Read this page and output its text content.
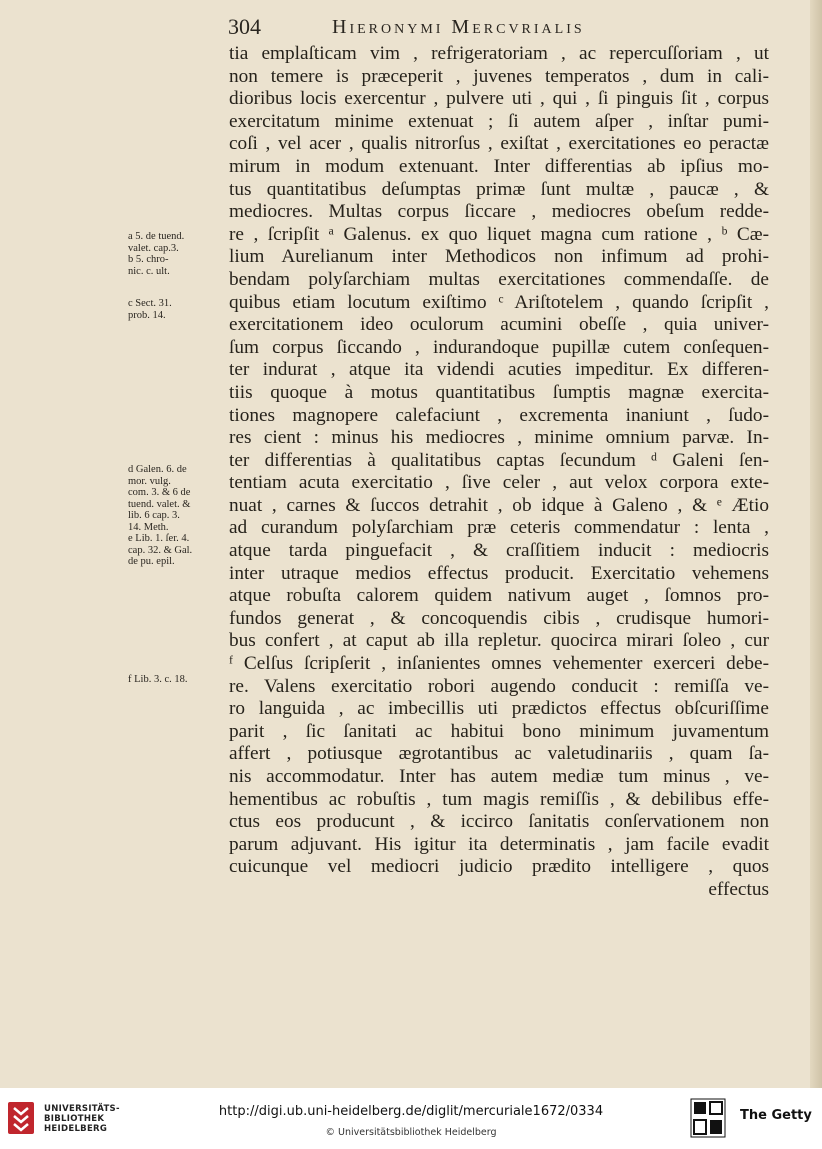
304	Hieronymi Mercvrialis
a 5. de tuend.
valet. cap.3.
b 5. chro-
nic. c. ult.
c Sect. 31.
prob. 14.
d Galen. 6. de
mor. vulg.
com. 3. & 6 de
tuend. valet. &
lib. 6 cap. 3.
14. Meth.
e Lib. 1. ſer. 4.
cap. 32. & Gal.
de pu. epil.
f Lib. 3. c. 18.
tia emplaſticam vim , refrigeratoriam , ac repercuſſoriam , ut
non temere is præceperit , juvenes temperatos , dum in cali-
dioribus locis exercentur , pulvere uti , qui , ſi pinguis ſit , corpus
exercitatum minime extenuat ; ſi autem aſper , inſtar pumi-
coſi , vel acer , qualis nitrorſus , exiſtat , exercitationes eo peractæ
mirum in modum extenuant. Inter differentias ab ipſius mo-
tus quantitatibus deſumptas primæ ſunt multæ , paucæ , &
mediocres. Multas corpus ſiccare , mediocres obeſum redde-
re , ſcripſit ᵃ Galenus. ex quo liquet magna cum ratione , ᵇ Cæ-
lium Aurelianum inter Methodicos non infimum ad prohi-
bendam polyſarchiam multas exercitationes commendaſſe. de
quibus etiam locutum exiſtimo ᶜ Ariſtotelem , quando ſcripſit ,
exercitationem ideo oculorum acumini obeſſe , quia univer-
ſum corpus ſiccando , indurandoque pupillæ cutem conſequen-
ter indurat , atque ita videndi acuties impeditur. Ex differen-
tiis quoque à motus quantitatibus ſumptis magnæ exercita-
tiones magnopere calefaciunt , excrementa inaniunt , ſudo-
res cient : minus his mediocres , minime omnium parvæ. In-
ter differentias à qualitatibus captas ſecundum ᵈ Galeni ſen-
tentiam acuta exercitatio , ſive celer , aut velox corpora exte-
nuat , carnes & ſuccos detrahit , ob idque à Galeno , & ᵉ Ætio
ad curandum polyſarchiam præ ceteris commendatur : lenta ,
atque tarda pinguefacit , & craſſitiem inducit : mediocris
inter utraque medios effectus producit. Exercitatio vehemens
atque robuſta calorem quidem nativum auget , ſomnos pro-
fundos generat , & concoquendis cibis , crudisque humori-
bus confert , at caput ab illa repletur. quocirca mirari ſoleo , cur
ᶠ Celſus ſcripſerit , inſanientes omnes vehementer exerceri debe-
re. Valens exercitatio robori augendo conducit : remiſſa ve-
ro languida , ac imbecillis uti prædictos effectus obſcuriſſime
parit , ſic ſanitati ac habitui bono minimum juvamentum
affert , potiusque ægrotantibus ac valetudinariis , quam ſa-
nis accommodatur. Inter has autem mediæ tum minus , ve-
hementibus ac robuſtis , tum magis remiſſis , & debilibus effe-
ctus eos producunt , & iccirco ſanitatis conſervationem non
parum adjuvant. His igitur ita determinatis , jam facile evadit
cuicunque vel mediocri judicio prædito intelligere , quos
effectus
UNIVERSITÄTS-
BIBLIOTHEK
HEIDELBERG
http://digi.ub.uni-heidelberg.de/diglit/mercuriale1672/0334
© Universitätsbibliothek Heidelberg
The Getty
